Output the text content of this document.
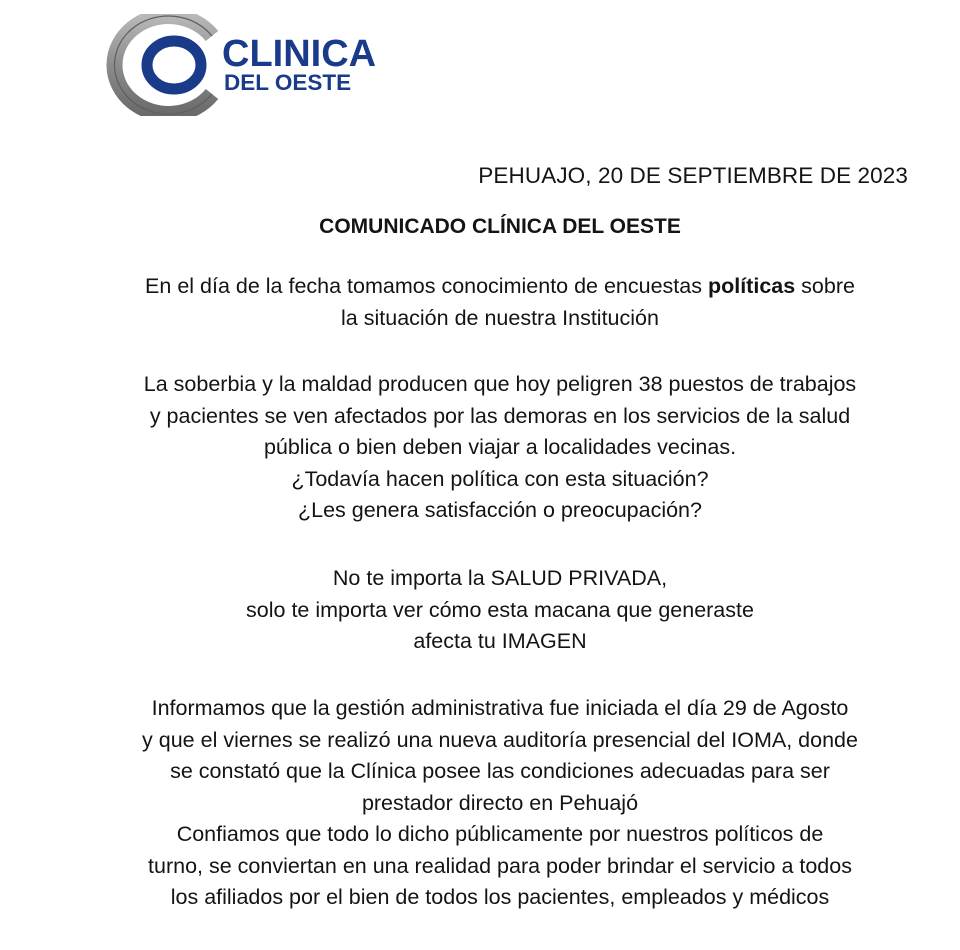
CLINICA
DEL OESTE
PEHUAJO, 20 DE SEPTIEMBRE DE 2023
COMUNICADO CLÍNICA DEL OESTE

En el día de la fecha tomamos conocimiento de encuestas políticas sobre

la situación de nuestra Institución

La soberbia y la maldad producen que hoy peligren 38 puestos de trabajos

y pacientes se ven afectados por las demoras en los servicios de la salud

pública o bien deben viajar a localidades vecinas.

¿Todavía hacen política con esta situación?

¿Les genera satisfacción o preocupación?

No te importa la SALUD PRIVADA,

solo te importa ver cómo esta macana que generaste

afecta tu IMAGEN

Informamos que la gestión administrativa fue iniciada el día 29 de Agosto

y que el viernes se realizó una nueva auditoría presencial del IOMA, donde

se constató que la Clínica posee las condiciones adecuadas para ser

prestador directo en Pehuajó

Confiamos que todo lo dicho públicamente por nuestros políticos de

turno, se conviertan en una realidad para poder brindar el servicio a todos

los afiliados por el bien de todos los pacientes, empleados y médicos
